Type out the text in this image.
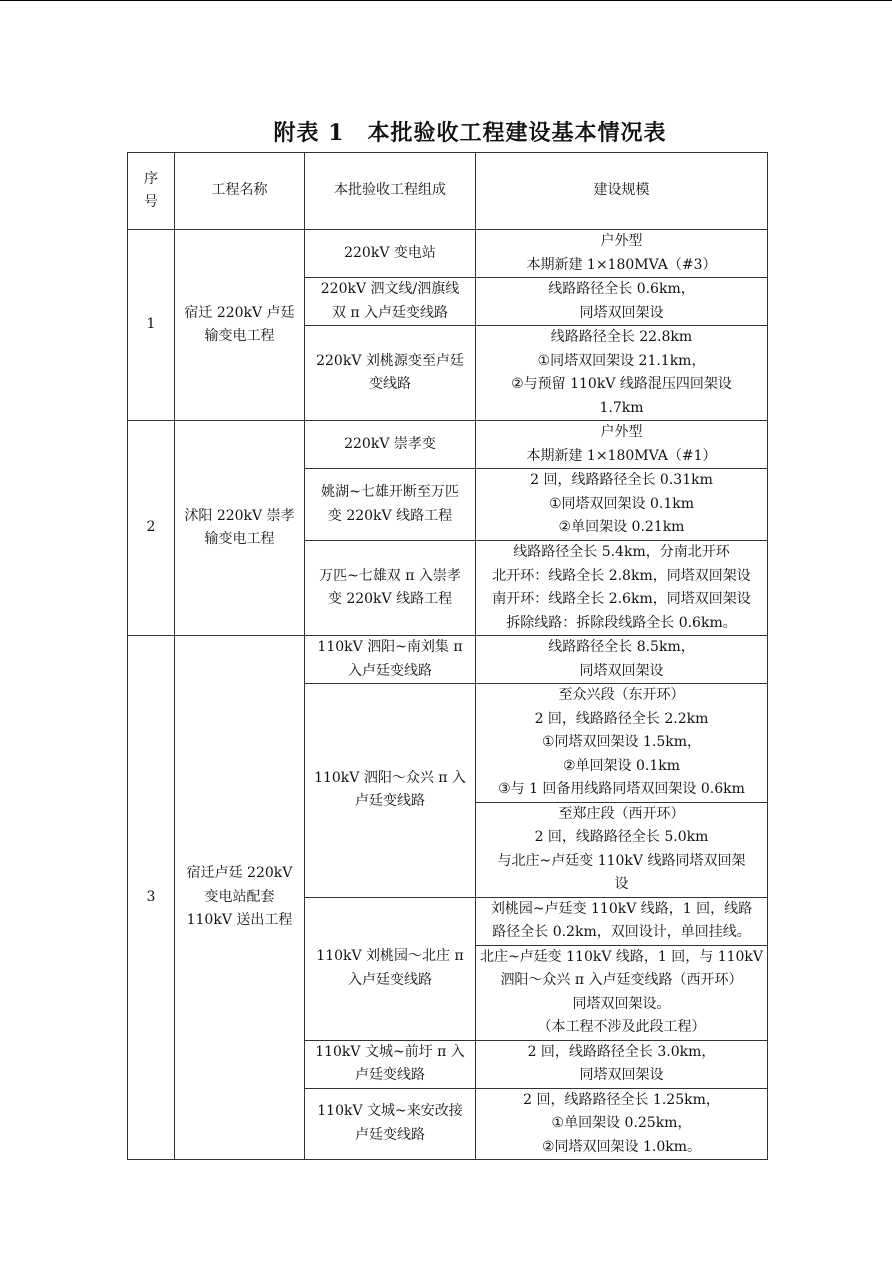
附表 1　本批验收工程建设基本情况表
序
号	工程名称	本批验收工程组成	建设规模
1	宿迁 220kV 卢廷
输变电工程	220kV 变电站	户外型
本期新建 1×180MVA（#3）
		220kV 泗文线/泗旗线
双 π 入卢廷变线路	线路路径全长 0.6km，
同塔双回架设
		220kV 刘桃源变至卢廷
变线路	线路路径全长 22.8km
①同塔双回架设 21.1km，
②与预留 110kV 线路混压四回架设
1.7km
2	沭阳 220kV 崇孝
输变电工程	220kV 崇孝变	户外型
本期新建 1×180MVA（#1）
		姚湖~七雄开断至万匹
变 220kV 线路工程	2 回，线路路径全长 0.31km
①同塔双回架设 0.1km
②单回架设 0.21km
		万匹~七雄双 π 入崇孝
变 220kV 线路工程	线路路径全长 5.4km，分南北开环
北开环：线路全长 2.8km，同塔双回架设
南开环：线路全长 2.6km，同塔双回架设
拆除线路：拆除段线路全长 0.6km。
3	宿迁卢廷 220kV
变电站配套
110kV 送出工程	110kV 泗阳~南刘集 π
入卢廷变线路	线路路径全长 8.5km，
同塔双回架设
		110kV 泗阳～众兴 π 入
卢廷变线路	至众兴段（东开环）
2 回，线路路径全长 2.2km
①同塔双回架设 1.5km，
②单回架设 0.1km
③与 1 回备用线路同塔双回架设 0.6km
			至郑庄段（西开环）
2 回，线路路径全长 5.0km
与北庄~卢廷变 110kV 线路同塔双回架
设
		110kV 刘桃园～北庄 π
入卢廷变线路	刘桃园~卢廷变 110kV 线路，1 回，线路
路径全长 0.2km，双回设计，单回挂线。
			北庄~卢廷变 110kV 线路，1 回，与 110kV
泗阳～众兴 π 入卢廷变线路（西开环）
同塔双回架设。
（本工程不涉及此段工程）
		110kV 文城~前圩 π 入
卢廷变线路	2 回，线路路径全长 3.0km，
同塔双回架设
		110kV 文城~来安改接
卢廷变线路	2 回，线路路径全长 1.25km，
①单回架设 0.25km，
②同塔双回架设 1.0km。
